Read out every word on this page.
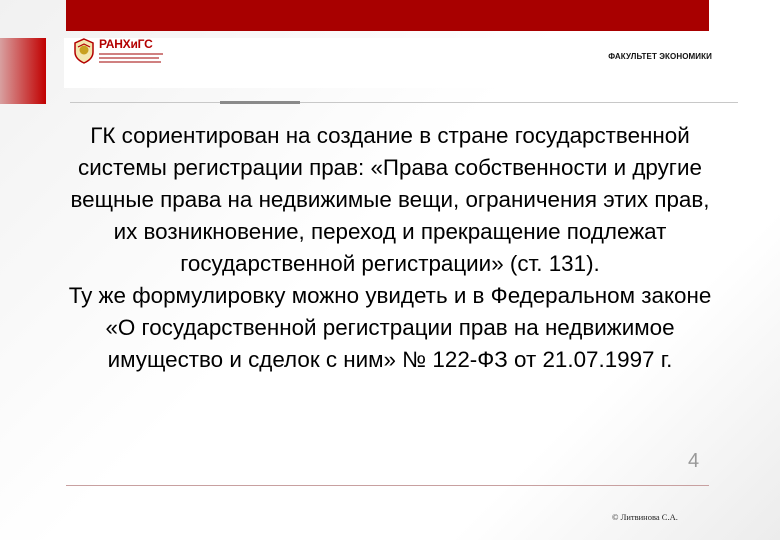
РАНХиГС
ФАКУЛЬТЕТ ЭКОНОМИКИ
ГК сориентирован на создание в стране государственной системы регистрации прав: «Права собственности и другие вещные права на недвижимые вещи, ограничения этих прав, их возникновение, переход и прекращение подлежат государственной регистрации» (ст. 131).
Ту же формулировку можно увидеть и в Федеральном законе «О государственной регистрации прав на недвижимое имущество и сделок с ним» № 122-ФЗ от 21.07.1997 г.
4
© Литвинова С.А.
